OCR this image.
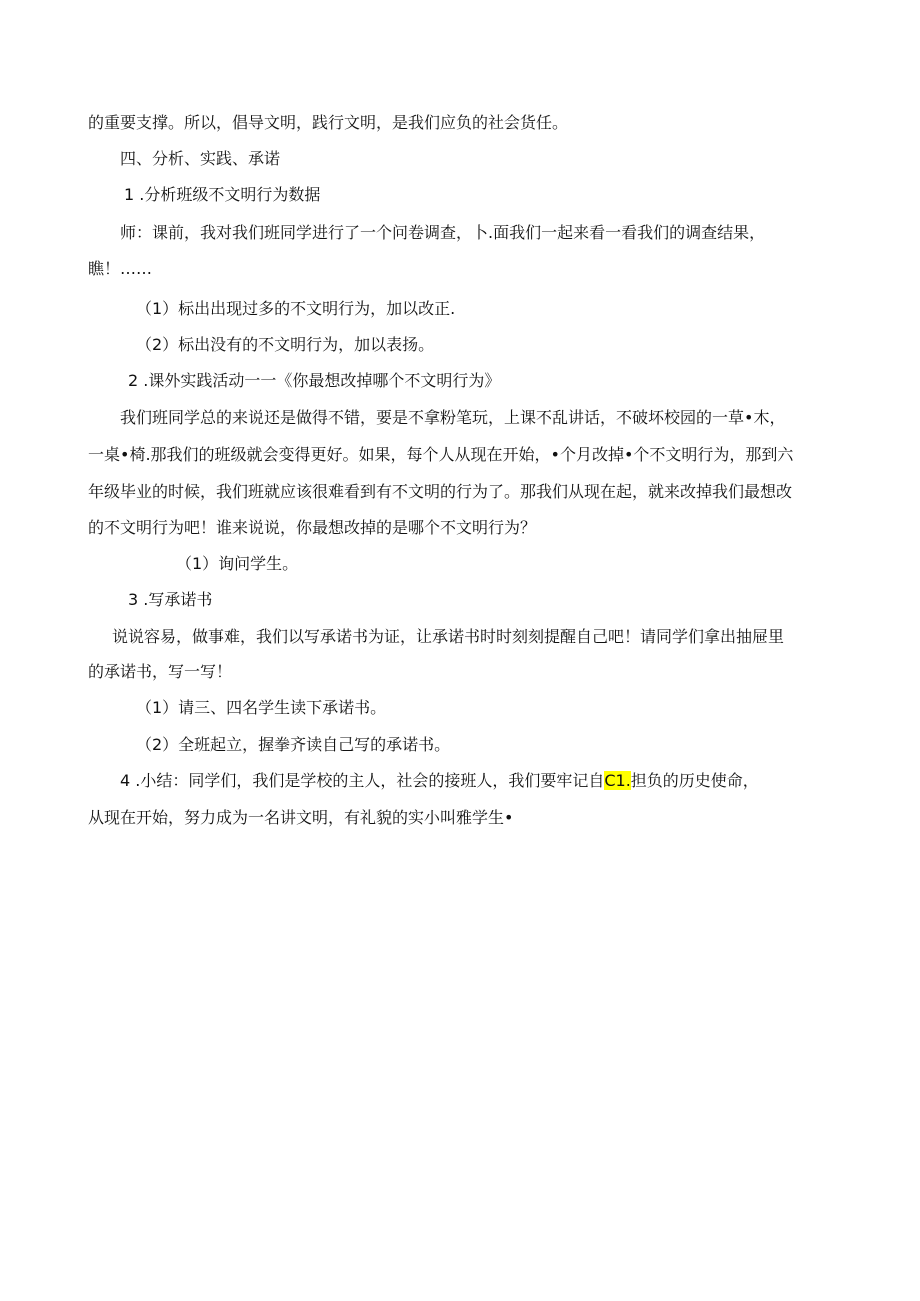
的重要支撑。所以，倡导文明，践行文明，是我们应负的社会货任。
四、分析、实践、承诺
1 .分析班级不文明行为数据
师：课前，我对我们班同学进行了一个问卷调查，卜.面我们一起来看一看我们的调查结果，
瞧！……
（1）标出出现过多的不文明行为，加以改正.
（2）标出没有的不文明行为，加以表扬。
2 .课外实践活动一一《你最想改掉哪个不文明行为》
我们班同学总的来说还是做得不错，要是不拿粉笔玩，上课不乱讲话，不破坏校园的一草•木，
一桌•椅.那我们的班级就会变得更好。如果，每个人从现在开始，•个月改掉•个不文明行为，那到六
年级毕业的时候，我们班就应该很难看到有不文明的行为了。那我们从现在起，就来改掉我们最想改
的不文明行为吧！谁来说说，你最想改掉的是哪个不文明行为？
（1）询问学生。
3 .写承诺书
说说容易，做事难，我们以写承诺书为证，让承诺书时时刻刻提醒自己吧！请同学们拿出抽屉里
的承诺书，写一写！
（1）请三、四名学生读下承诺书。
（2）全班起立，握拳齐读自己写的承诺书。
4 .小结：同学们，我们是学校的主人，社会的接班人，我们要牢记自C1.担负的历史使命，
从现在开始，努力成为一名讲文明，有礼貌的实小叫雅学生•
